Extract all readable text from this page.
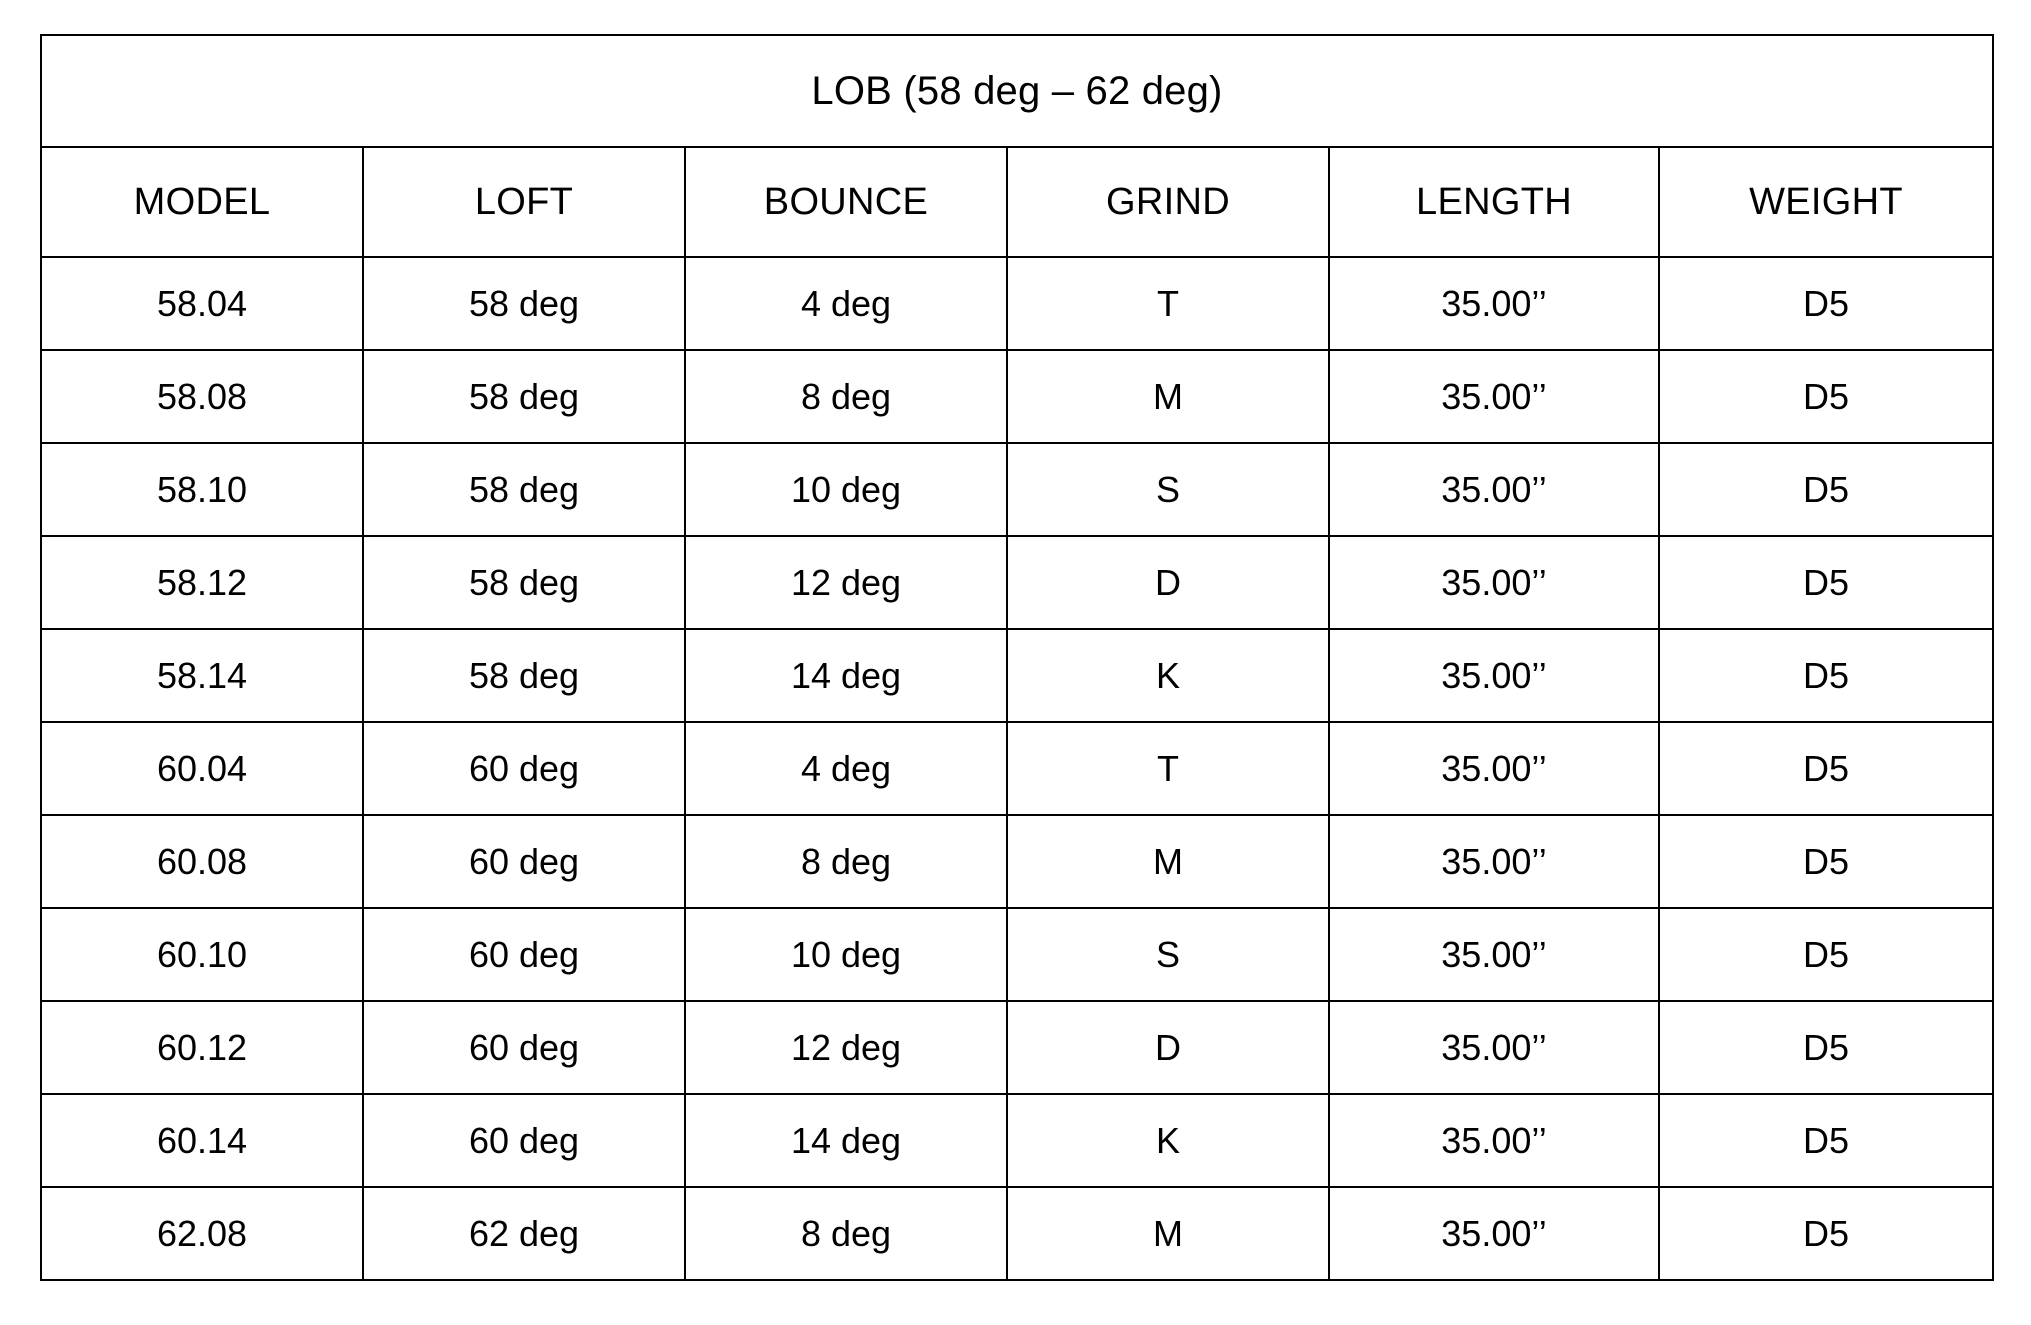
LOB (58 deg – 62 deg)					
MODEL	LOFT	BOUNCE	GRIND	LENGTH	WEIGHT
58.04	58 deg	4 deg	T	35.00’’	D5
58.08	58 deg	8 deg	M	35.00’’	D5
58.10	58 deg	10 deg	S	35.00’’	D5
58.12	58 deg	12 deg	D	35.00’’	D5
58.14	58 deg	14 deg	K	35.00’’	D5
60.04	60 deg	4 deg	T	35.00’’	D5
60.08	60 deg	8 deg	M	35.00’’	D5
60.10	60 deg	10 deg	S	35.00’’	D5
60.12	60 deg	12 deg	D	35.00’’	D5
60.14	60 deg	14 deg	K	35.00’’	D5
62.08	62 deg	8 deg	M	35.00’’	D5
